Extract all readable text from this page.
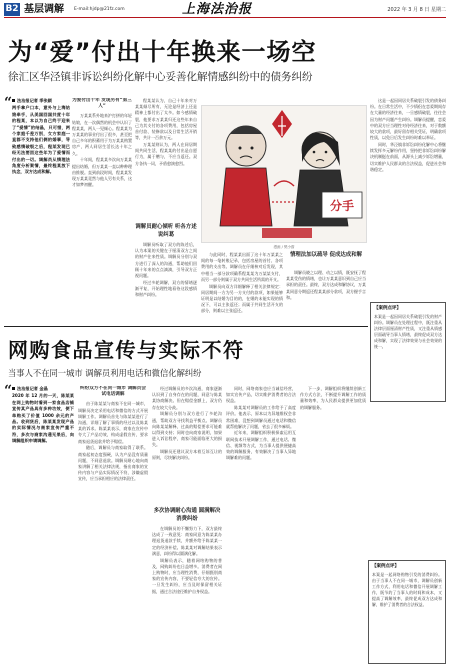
B2 基层调解 E-mail:hjdp@21fz.com	上海法治报	2022 年 3 月 8 日 星期二
为“爱”付出十年换来一场空
徐汇区华泾镇非诉讼纠纷化解中心妥善化解情感纠纷中的债务纠纷
“	法治报记者 季张颖
两手拿户口本，意外与上海姑娘牵手，从美国回国共度十年的程某，本以为自己终于迎来了“爱情”的结晶，只可惜，两个家庭千差万别，女方家庭一直都不支持他们俩的婚事，导致感情破裂之后，程某发现已经无法要回这些年为了爱情而付出的一切。调解员从情理法角度分析案情，最终程某放下执念，双方达成和解。

为爱付出十年 发现另有“第三人”

万某某系外地来沪打拼的年轻姑娘，在一次偶然的机会中认识了程某某，两人一见倾心。程某某为万某某的事业付出了很多，甚至把自己多年的积蓄用于为万某某购置房产，两人同居生活长达十年之久。

十年间，程某某多次向万某某提出结婚，但万某某一直以种种理由推脱。直到前段时间，程某某发现万某某竟然与他人另有关系，这才如梦初醒。

程某某认为，自己十年来对万某某倾尽所有，无论是经济上还是精神上都付出了太多。如今感情破裂，他要求万某某归还这些年来自己为其支付的各项费用，包括房屋首付款、装修款以及日常生活开销等，共计一百余万元。

万某某则认为，两人在同居期间共同生活，程某某的付出是自愿行为，属于赠与，不应当返还。双方各执一词，矛盾愈演愈烈。

调解员耐心倾听 听各方述说纠葛

调解员听取了双方的陈述后，认为本案的关键在于厘清双方之间的财产往来性质。调解员分别与双方进行了深入的沟通，帮助他们回顾十年来的点点滴滴，引导双方正视问题。

经过多轮调解，双方的情绪逐渐平复，开始理性地看待这段感情和财产纠纷。

分手
漫画 / 樊小蔚

与此同时，程某某出面了这十年万某某之间的每一笔转账记录，包括房屋的首付、各项费用的支出等。调解员在仔细核对后发现，其中相当一部分款项确系程某某为万某某支付，而另一部分则属于双方共同生活所需的开支。

调解员向双方详细解释了相关法律规定：同居期间一方为另一方支付的款项，如果能够证明是以结婚为目的的，在婚约未能实现的情况下，可以主张返还；而属于共同生活开支的部分，则难以主张返还。

情理法加以疏导 促成达成和解

调解员晓之以理、动之以情，既安抚了程某某受伤的情绪，也让万某某意识到自己应当承担的责任。最终，双方达成和解协议，万某某同意分期返还程某某部分款项，双方握手言和。

这是一起因同居关系破裂引发的债务纠纷。在日常生活中，不少情侣在恋爱期间存在大量的经济往来，一旦感情破裂，往往会因为财产问题产生纠纷。调解员提醒，恋爱中的双方应当理性对待经济往来，对于数额较大的款项，最好留存相关凭证，明确款项性质，以免日后发生纠纷时难以举证。

同时，华泾镇非诉讼纠纷化解中心将继续发挥多元解纷作用，坚持把非诉讼纠纷解决机制挺在前面，从源头上减少诉讼增量，切实维护人民群众的合法权益，促进社会和谐稳定。

【案例点评】
本案是一起因同居关系破裂引发的财产纠纷。调解员在处理过程中，既注重从法律层面厘清财产性质，又注重从情感层面疏导当事人情绪，最终促成双方达成和解，实现了法律效果与社会效果的统一。
网购食品宣传与实际不符
当事人不在同一城市 调解员利用电话和微信化解纠纷
“	法治报记者 金晶
2020 年 12 月的一天，陈某某在网上购物时看到一家食品店铺宣传其产品具有多种功效，便下单购买了价值 1000 余元的产品。收到货后，陈某某发现产品的实际情况与商家宣传严重不符，多次与商家沟通无果后，向调解组织申请调解。

纠纷双方不在同一城市 调解员尝试电话调解

由于陈某某与商家不在同一城市，调解员决定采用电话和微信的方式开展调解工作。调解员首先与陈某某进行了沟通，详细了解了事情的经过以及陈某某的诉求。陈某某表示，商家在宣传中夸大了产品功效，构成虚假宣传，要求商家退货退款并给予赔偿。

随后，调解员与商家取得了联系。商家起初态度强硬，认为产品没有质量问题，不同意退款。调解员耐心地向商家讲解了相关法律法规，指出商家的宣传内容与产品实际情况不符，涉嫌虚假宣传，应当承担相应的法律责任。

经过调解员的多次沟通，商家逐渐认识到了自身存在的问题，同意与陈某某协商解决。但在赔偿金额上，双方仍存在较大分歧。

调解员分别与双方进行了多轮沟通，帮助双方寻找利益平衡点。调解员向陈某某解释，过高的赔偿要求可能难以得到支持；同时也向商家说明，如果进入诉讼程序，商家可能面临更大的损失。

调解员还建议双方本着互谅互让的原则，尽快解决纠纷。

多次协调耐心沟通 圆满解决消费纠纷

在调解员的不懈努力下，双方最终达成了一致意见：商家同意为陈某某办理退货退款手续，并额外给予陈某某一定的经济补偿。陈某某对调解结果表示满意，纠纷得以圆满化解。

调解员表示，随着网络购物的普及，网购纠纷也日益增多。消费者在网上购物时，应当理性消费，仔细甄别商家的宣传内容，不要轻信夸大的宣传。一旦发生纠纷，应当及时保留相关证据，通过合法途径维护自身权益。

同时，网络商家也应当诚信经营，如实宣传产品，切实维护消费者的合法权益。

陈某某对调解员的工作给予了高度评价。他表示，原本以为异地维权会非常困难，没想到调解员通过电话和微信就帮他解决了问题，省去了很多麻烦。

近年来，调解组织积极探索运用互联网技术开展调解工作，通过电话、微信、视频等方式，为当事人提供便捷高效的调解服务，有效解决了当事人异地调解难的问题。

下一步，调解组织将继续创新工作方式方法，不断提升调解工作的质量和效率，为人民群众提供更加优质的调解服务。

【案例点评】
本案是一起网络购物引发的消费纠纷。由于当事人不在同一城市，调解员创新工作方式，利用电话和微信开展调解工作，既节约了当事人的时间和成本，又提高了调解效率，最终促成双方达成和解，维护了消费者的合法权益。
